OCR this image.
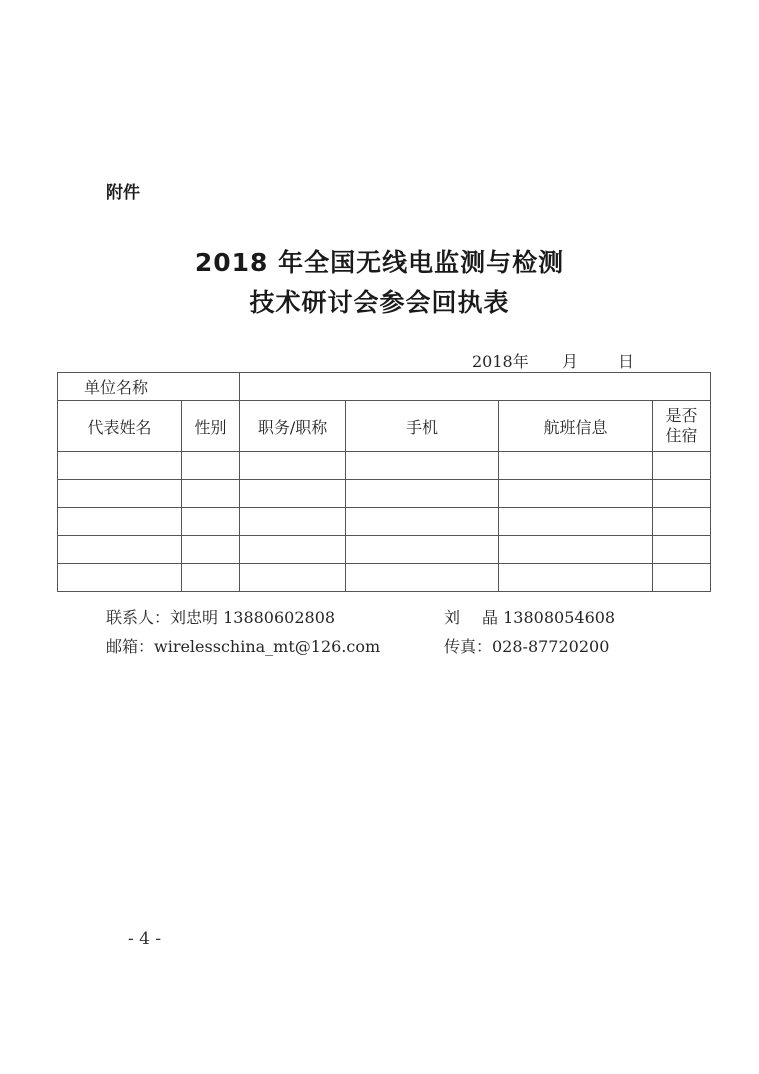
附件
2018 年全国无线电监测与检测
技术研讨会参会回执表
2018年 月 日
单位名称					
代表姓名	性别	职务/职称	手机	航班信息	是否
住宿

联系人：刘忠明 13880602808	刘 晶 13808054608
邮箱：wirelesschina_mt@126.com	传真：028-87720200
- 4 -
